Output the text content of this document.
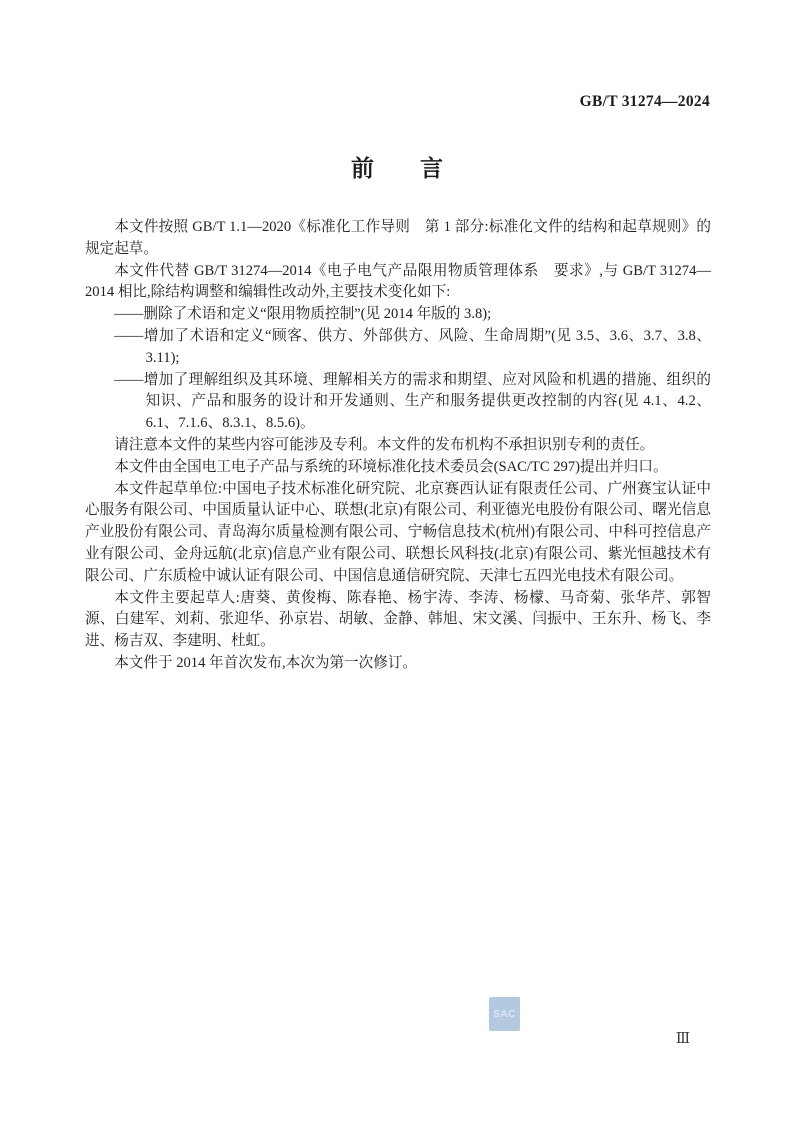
GB/T 31274—2024
前　　言

本文件按照 GB/T 1.1—2020《标准化工作导则　第 1 部分:标准化文件的结构和起草规则》的规定起草。

本文件代替 GB/T 31274—2014《电子电气产品限用物质管理体系　要求》,与 GB/T 31274—2014 相比,除结构调整和编辑性改动外,主要技术变化如下:

——删除了术语和定义“限用物质控制”(见 2014 年版的 3.8);

——增加了术语和定义“顾客、供方、外部供方、风险、生命周期”(见 3.5、3.6、3.7、3.8、3.11);

——增加了理解组织及其环境、理解相关方的需求和期望、应对风险和机遇的措施、组织的知识、产品和服务的设计和开发通则、生产和服务提供更改控制的内容(见 4.1、4.2、6.1、7.1.6、8.3.1、8.5.6)。

请注意本文件的某些内容可能涉及专利。本文件的发布机构不承担识别专利的责任。

本文件由全国电工电子产品与系统的环境标准化技术委员会(SAC/TC 297)提出并归口。

本文件起草单位:中国电子技术标准化研究院、北京赛西认证有限责任公司、广州赛宝认证中心服务有限公司、中国质量认证中心、联想(北京)有限公司、利亚德光电股份有限公司、曙光信息产业股份有限公司、青岛海尔质量检测有限公司、宁畅信息技术(杭州)有限公司、中科可控信息产业有限公司、金舟远航(北京)信息产业有限公司、联想长风科技(北京)有限公司、紫光恒越技术有限公司、广东质检中诚认证有限公司、中国信息通信研究院、天津七五四光电技术有限公司。

本文件主要起草人:唐葵、黄俊梅、陈春艳、杨宇涛、李涛、杨檬、马奇菊、张华芹、郭智源、白建军、刘莉、张迎华、孙京岩、胡敏、金静、韩旭、宋文溪、闫振中、王东升、杨飞、李进、杨吉双、李建明、杜虹。

本文件于 2014 年首次发布,本次为第一次修订。

SAC
Ⅲ
